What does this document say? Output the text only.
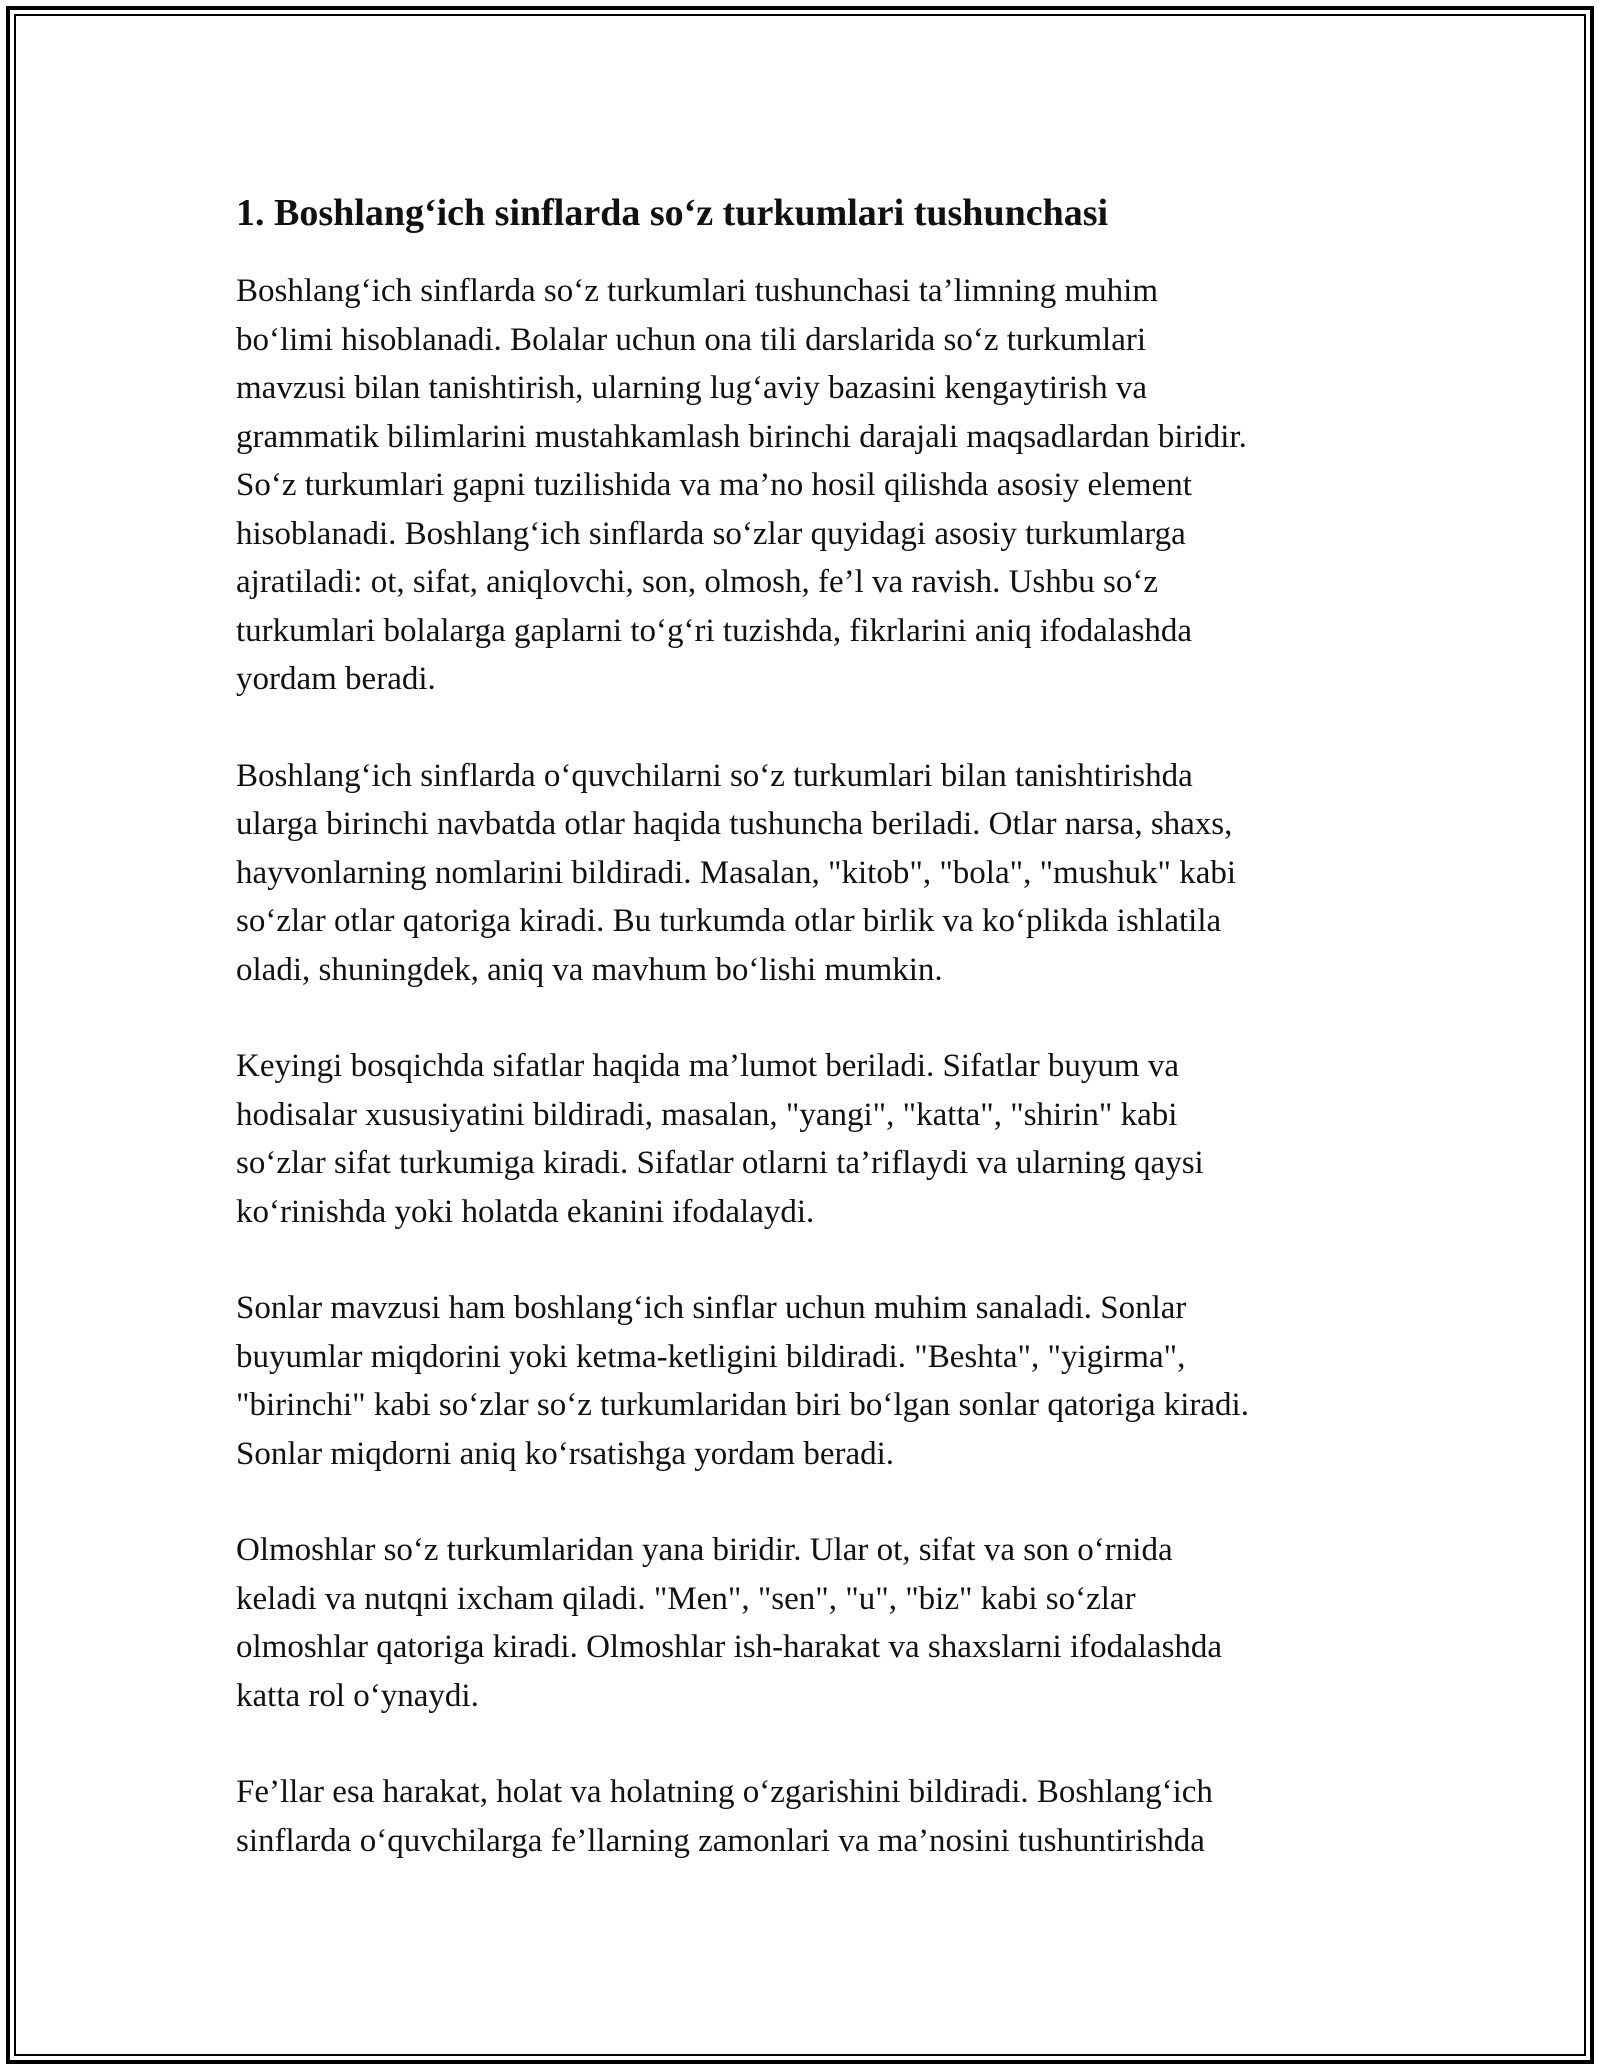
1. Boshlang‘ich sinflarda so‘z turkumlari tushunchasi

Boshlang‘ich sinflarda so‘z turkumlari tushunchasi ta’limning muhim
bo‘limi hisoblanadi. Bolalar uchun ona tili darslarida so‘z turkumlari
mavzusi bilan tanishtirish, ularning lug‘aviy bazasini kengaytirish va
grammatik bilimlarini mustahkamlash birinchi darajali maqsadlardan biridir.
So‘z turkumlari gapni tuzilishida va ma’no hosil qilishda asosiy element
hisoblanadi. Boshlang‘ich sinflarda so‘zlar quyidagi asosiy turkumlarga
ajratiladi: ot, sifat, aniqlovchi, son, olmosh, fe’l va ravish. Ushbu so‘z
turkumlari bolalarga gaplarni to‘g‘ri tuzishda, fikrlarini aniq ifodalashda
yordam beradi.

Boshlang‘ich sinflarda o‘quvchilarni so‘z turkumlari bilan tanishtirishda
ularga birinchi navbatda otlar haqida tushuncha beriladi. Otlar narsa, shaxs,
hayvonlarning nomlarini bildiradi. Masalan, "kitob", "bola", "mushuk" kabi
so‘zlar otlar qatoriga kiradi. Bu turkumda otlar birlik va ko‘plikda ishlatila
oladi, shuningdek, aniq va mavhum bo‘lishi mumkin.

Keyingi bosqichda sifatlar haqida ma’lumot beriladi. Sifatlar buyum va
hodisalar xususiyatini bildiradi, masalan, "yangi", "katta", "shirin" kabi
so‘zlar sifat turkumiga kiradi. Sifatlar otlarni ta’riflaydi va ularning qaysi
ko‘rinishda yoki holatda ekanini ifodalaydi.

Sonlar mavzusi ham boshlang‘ich sinflar uchun muhim sanaladi. Sonlar
buyumlar miqdorini yoki ketma-ketligini bildiradi. "Beshta", "yigirma",
"birinchi" kabi so‘zlar so‘z turkumlaridan biri bo‘lgan sonlar qatoriga kiradi.
Sonlar miqdorni aniq ko‘rsatishga yordam beradi.

Olmoshlar so‘z turkumlaridan yana biridir. Ular ot, sifat va son o‘rnida
keladi va nutqni ixcham qiladi. "Men", "sen", "u", "biz" kabi so‘zlar
olmoshlar qatoriga kiradi. Olmoshlar ish-harakat va shaxslarni ifodalashda
katta rol o‘ynaydi.

Fe’llar esa harakat, holat va holatning o‘zgarishini bildiradi. Boshlang‘ich
sinflarda o‘quvchilarga fe’llarning zamonlari va ma’nosini tushuntirishda
